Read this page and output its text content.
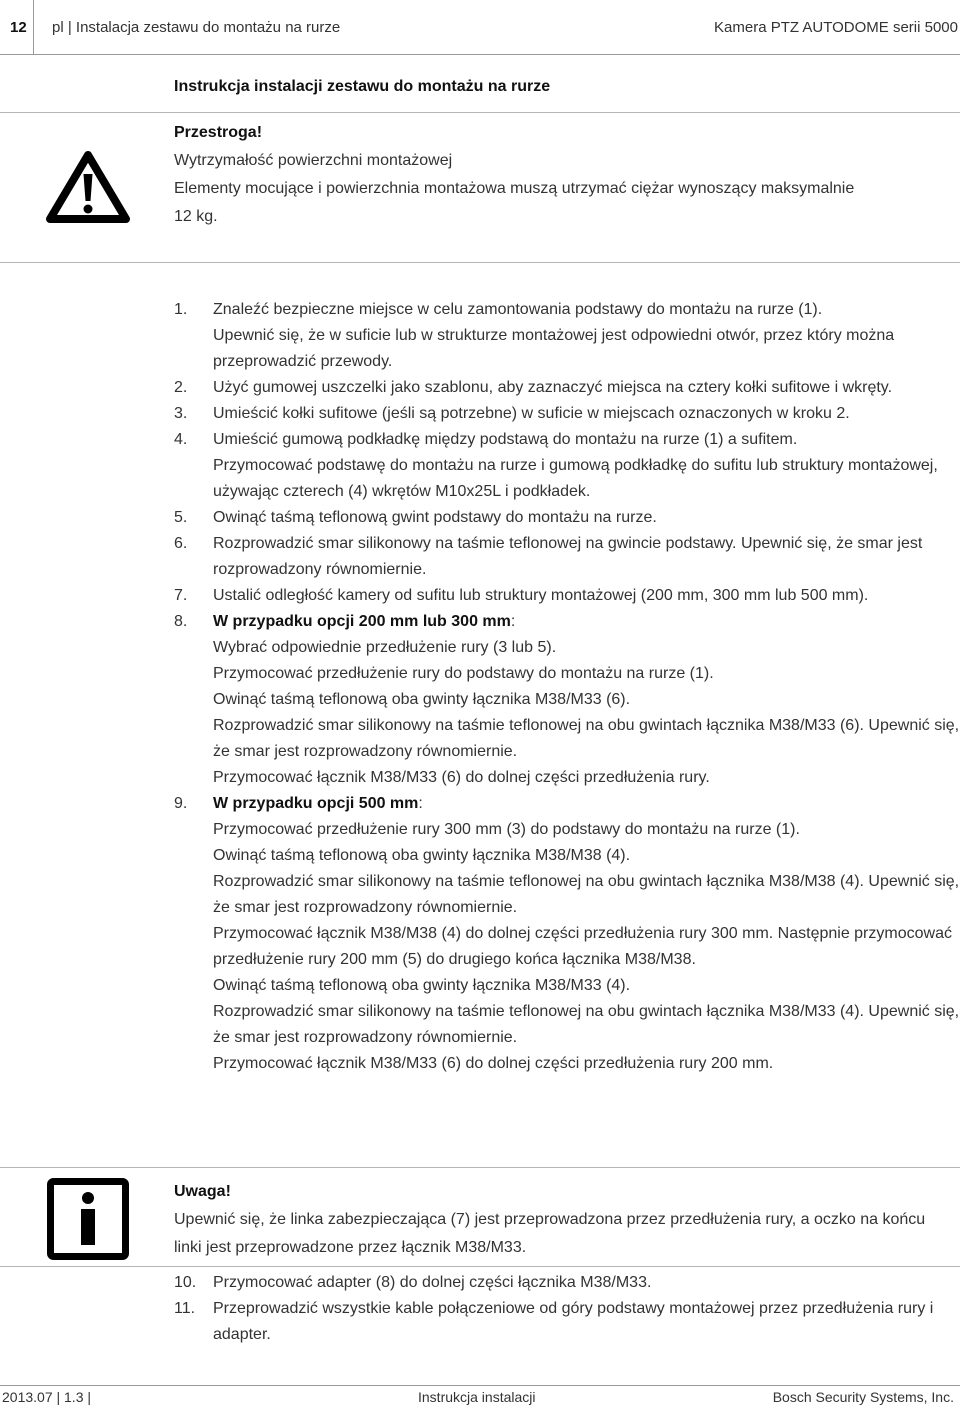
12 pl | Instalacja zestawu do montażu na rurze	Kamera PTZ AUTODOME serii 5000
Instrukcja instalacji zestawu do montażu na rurze
Przestroga!
Wytrzymałość powierzchni montażowej
Elementy mocujące i powierzchnia montażowa muszą utrzymać ciężar wynoszący maksymalnie
12 kg.
1. Znaleźć bezpieczne miejsce w celu zamontowania podstawy do montażu na rurze (1).
Upewnić się, że w suficie lub w strukturze montażowej jest odpowiedni otwór, przez który można przeprowadzić przewody.
2. Użyć gumowej uszczelki jako szablonu, aby zaznaczyć miejsca na cztery kołki sufitowe i wkręty.
3. Umieścić kołki sufitowe (jeśli są potrzebne) w suficie w miejscach oznaczonych w kroku 2.
4. Umieścić gumową podkładkę między podstawą do montażu na rurze (1) a sufitem.
Przymocować podstawę do montażu na rurze i gumową podkładkę do sufitu lub struktury montażowej, używając czterech (4) wkrętów M10x25L i podkładek.
5. Owinąć taśmą teflonową gwint podstawy do montażu na rurze.
6. Rozprowadzić smar silikonowy na taśmie teflonowej na gwincie podstawy. Upewnić się, że smar jest rozprowadzony równomiernie.
7. Ustalić odległość kamery od sufitu lub struktury montażowej (200 mm, 300 mm lub 500 mm).
8. W przypadku opcji 200 mm lub 300 mm:
Wybrać odpowiednie przedłużenie rury (3 lub 5).
Przymocować przedłużenie rury do podstawy do montażu na rurze (1).
Owinąć taśmą teflonową oba gwinty łącznika M38/M33 (6).
Rozprowadzić smar silikonowy na taśmie teflonowej na obu gwintach łącznika M38/M33 (6). Upewnić się, że smar jest rozprowadzony równomiernie.
Przymocować łącznik M38/M33 (6) do dolnej części przedłużenia rury.
9. W przypadku opcji 500 mm:
Przymocować przedłużenie rury 300 mm (3) do podstawy do montażu na rurze (1).
Owinąć taśmą teflonową oba gwinty łącznika M38/M38 (4).
Rozprowadzić smar silikonowy na taśmie teflonowej na obu gwintach łącznika M38/M38 (4). Upewnić się, że smar jest rozprowadzony równomiernie.
Przymocować łącznik M38/M38 (4) do dolnej części przedłużenia rury 300 mm. Następnie przymocować przedłużenie rury 200 mm (5) do drugiego końca łącznika M38/M38.
Owinąć taśmą teflonową oba gwinty łącznika M38/M33 (4).
Rozprowadzić smar silikonowy na taśmie teflonowej na obu gwintach łącznika M38/M33 (4). Upewnić się, że smar jest rozprowadzony równomiernie.
Przymocować łącznik M38/M33 (6) do dolnej części przedłużenia rury 200 mm.
Uwaga!
Upewnić się, że linka zabezpieczająca (7) jest przeprowadzona przez przedłużenia rury, a oczko na końcu linki jest przeprowadzone przez łącznik M38/M33.
10. Przymocować adapter (8) do dolnej części łącznika M38/M33.
11. Przeprowadzić wszystkie kable połączeniowe od góry podstawy montażowej przez przedłużenia rury i adapter.
2013.07 | 1.3 |	Instrukcja instalacji	Bosch Security Systems, Inc.
